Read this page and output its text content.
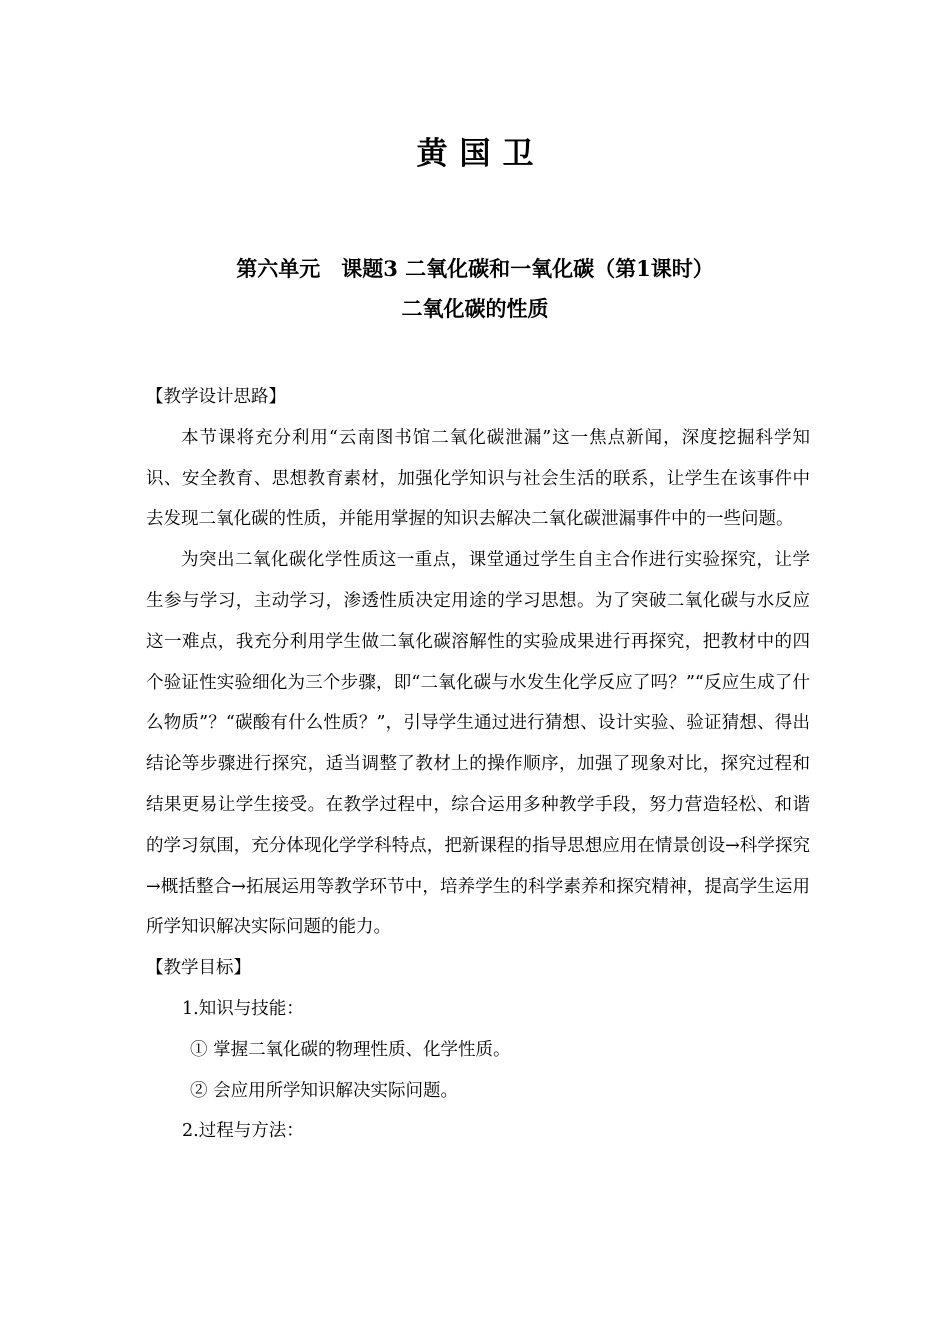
黄国卫
第六单元　课题3 二氧化碳和一氧化碳（第1课时）
二氧化碳的性质

【教学设计思路】

本节课将充分利用“云南图书馆二氧化碳泄漏”这一焦点新闻，深度挖掘科学知识、安全教育、思想教育素材，加强化学知识与社会生活的联系，让学生在该事件中去发现二氧化碳的性质，并能用掌握的知识去解决二氧化碳泄漏事件中的一些问题。

为突出二氧化碳化学性质这一重点，课堂通过学生自主合作进行实验探究，让学生参与学习，主动学习，渗透性质决定用途的学习思想。为了突破二氧化碳与水反应这一难点，我充分利用学生做二氧化碳溶解性的实验成果进行再探究，把教材中的四个验证性实验细化为三个步骤，即“二氧化碳与水发生化学反应了吗？”“反应生成了什么物质”？“碳酸有什么性质？”，引导学生通过进行猜想、设计实验、验证猜想、得出结论等步骤进行探究，适当调整了教材上的操作顺序，加强了现象对比，探究过程和结果更易让学生接受。在教学过程中，综合运用多种教学手段，努力营造轻松、和谐的学习氛围，充分体现化学学科特点，把新课程的指导思想应用在情景创设→科学探究→概括整合→拓展运用等教学环节中，培养学生的科学素养和探究精神，提高学生运用所学知识解决实际问题的能力。

【教学目标】

1.知识与技能：

① 掌握二氧化碳的物理性质、化学性质。

② 会应用所学知识解决实际问题。

2.过程与方法：
